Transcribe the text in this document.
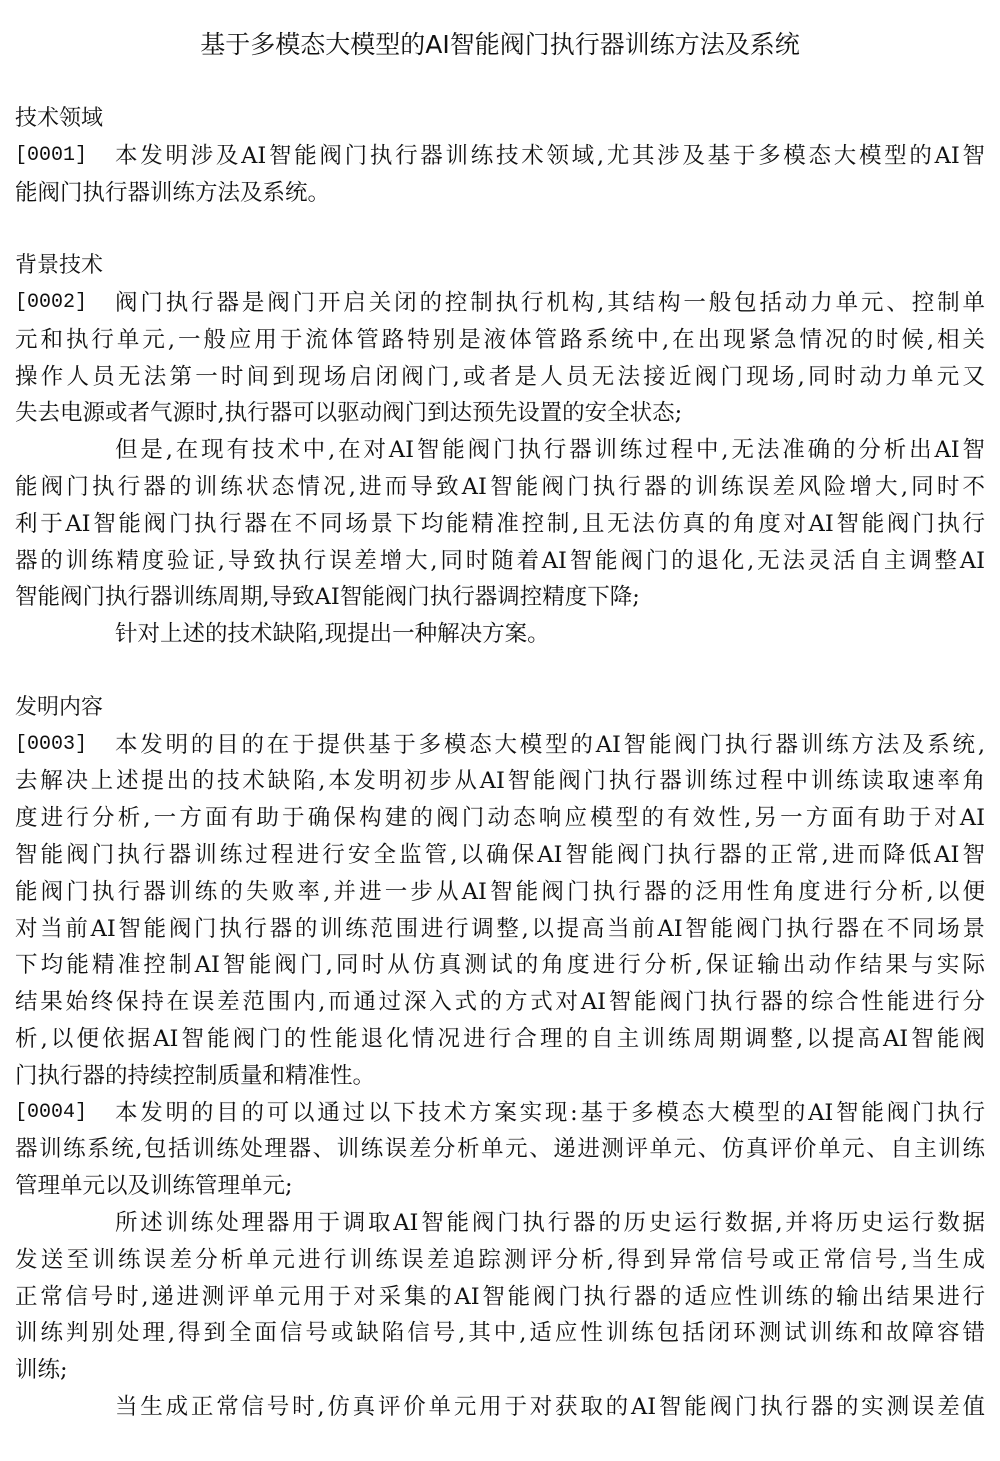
基于多模态大模型的AI智能阀门执行器训练方法及系统
技术领域
[0001] 本发明涉及AI智能阀门执行器训练技术领域,尤其涉及基于多模态大模型的AI智
能阀门执行器训练方法及系统。
背景技术
[0002] 阀门执行器是阀门开启关闭的控制执行机构,其结构一般包括动力单元、控制单
元和执行单元,一般应用于流体管路特别是液体管路系统中,在出现紧急情况的时候,相关
操作人员无法第一时间到现场启闭阀门,或者是人员无法接近阀门现场,同时动力单元又
失去电源或者气源时,执行器可以驱动阀门到达预先设置的安全状态;
但是,在现有技术中,在对AI智能阀门执行器训练过程中,无法准确的分析出AI智
能阀门执行器的训练状态情况,进而导致AI智能阀门执行器的训练误差风险增大,同时不
利于AI智能阀门执行器在不同场景下均能精准控制,且无法仿真的角度对AI智能阀门执行
器的训练精度验证,导致执行误差增大,同时随着AI智能阀门的退化,无法灵活自主调整AI
智能阀门执行器训练周期,导致AI智能阀门执行器调控精度下降;
针对上述的技术缺陷,现提出一种解决方案。
发明内容
[0003] 本发明的目的在于提供基于多模态大模型的AI智能阀门执行器训练方法及系统,
去解决上述提出的技术缺陷,本发明初步从AI智能阀门执行器训练过程中训练读取速率角
度进行分析,一方面有助于确保构建的阀门动态响应模型的有效性,另一方面有助于对AI
智能阀门执行器训练过程进行安全监管,以确保AI智能阀门执行器的正常,进而降低AI智
能阀门执行器训练的失败率,并进一步从AI智能阀门执行器的泛用性角度进行分析,以便
对当前AI智能阀门执行器的训练范围进行调整,以提高当前AI智能阀门执行器在不同场景
下均能精准控制AI智能阀门,同时从仿真测试的角度进行分析,保证输出动作结果与实际
结果始终保持在误差范围内,而通过深入式的方式对AI智能阀门执行器的综合性能进行分
析,以便依据AI智能阀门的性能退化情况进行合理的自主训练周期调整,以提高AI智能阀
门执行器的持续控制质量和精准性。
[0004] 本发明的目的可以通过以下技术方案实现:基于多模态大模型的AI智能阀门执行
器训练系统,包括训练处理器、训练误差分析单元、递进测评单元、仿真评价单元、自主训练
管理单元以及训练管理单元;
所述训练处理器用于调取AI智能阀门执行器的历史运行数据,并将历史运行数据
发送至训练误差分析单元进行训练误差追踪测评分析,得到异常信号或正常信号,当生成
正常信号时,递进测评单元用于对采集的AI智能阀门执行器的适应性训练的输出结果进行
训练判别处理,得到全面信号或缺陷信号,其中,适应性训练包括闭环测试训练和故障容错
训练;
当生成正常信号时,仿真评价单元用于对获取的AI智能阀门执行器的实测误差值
